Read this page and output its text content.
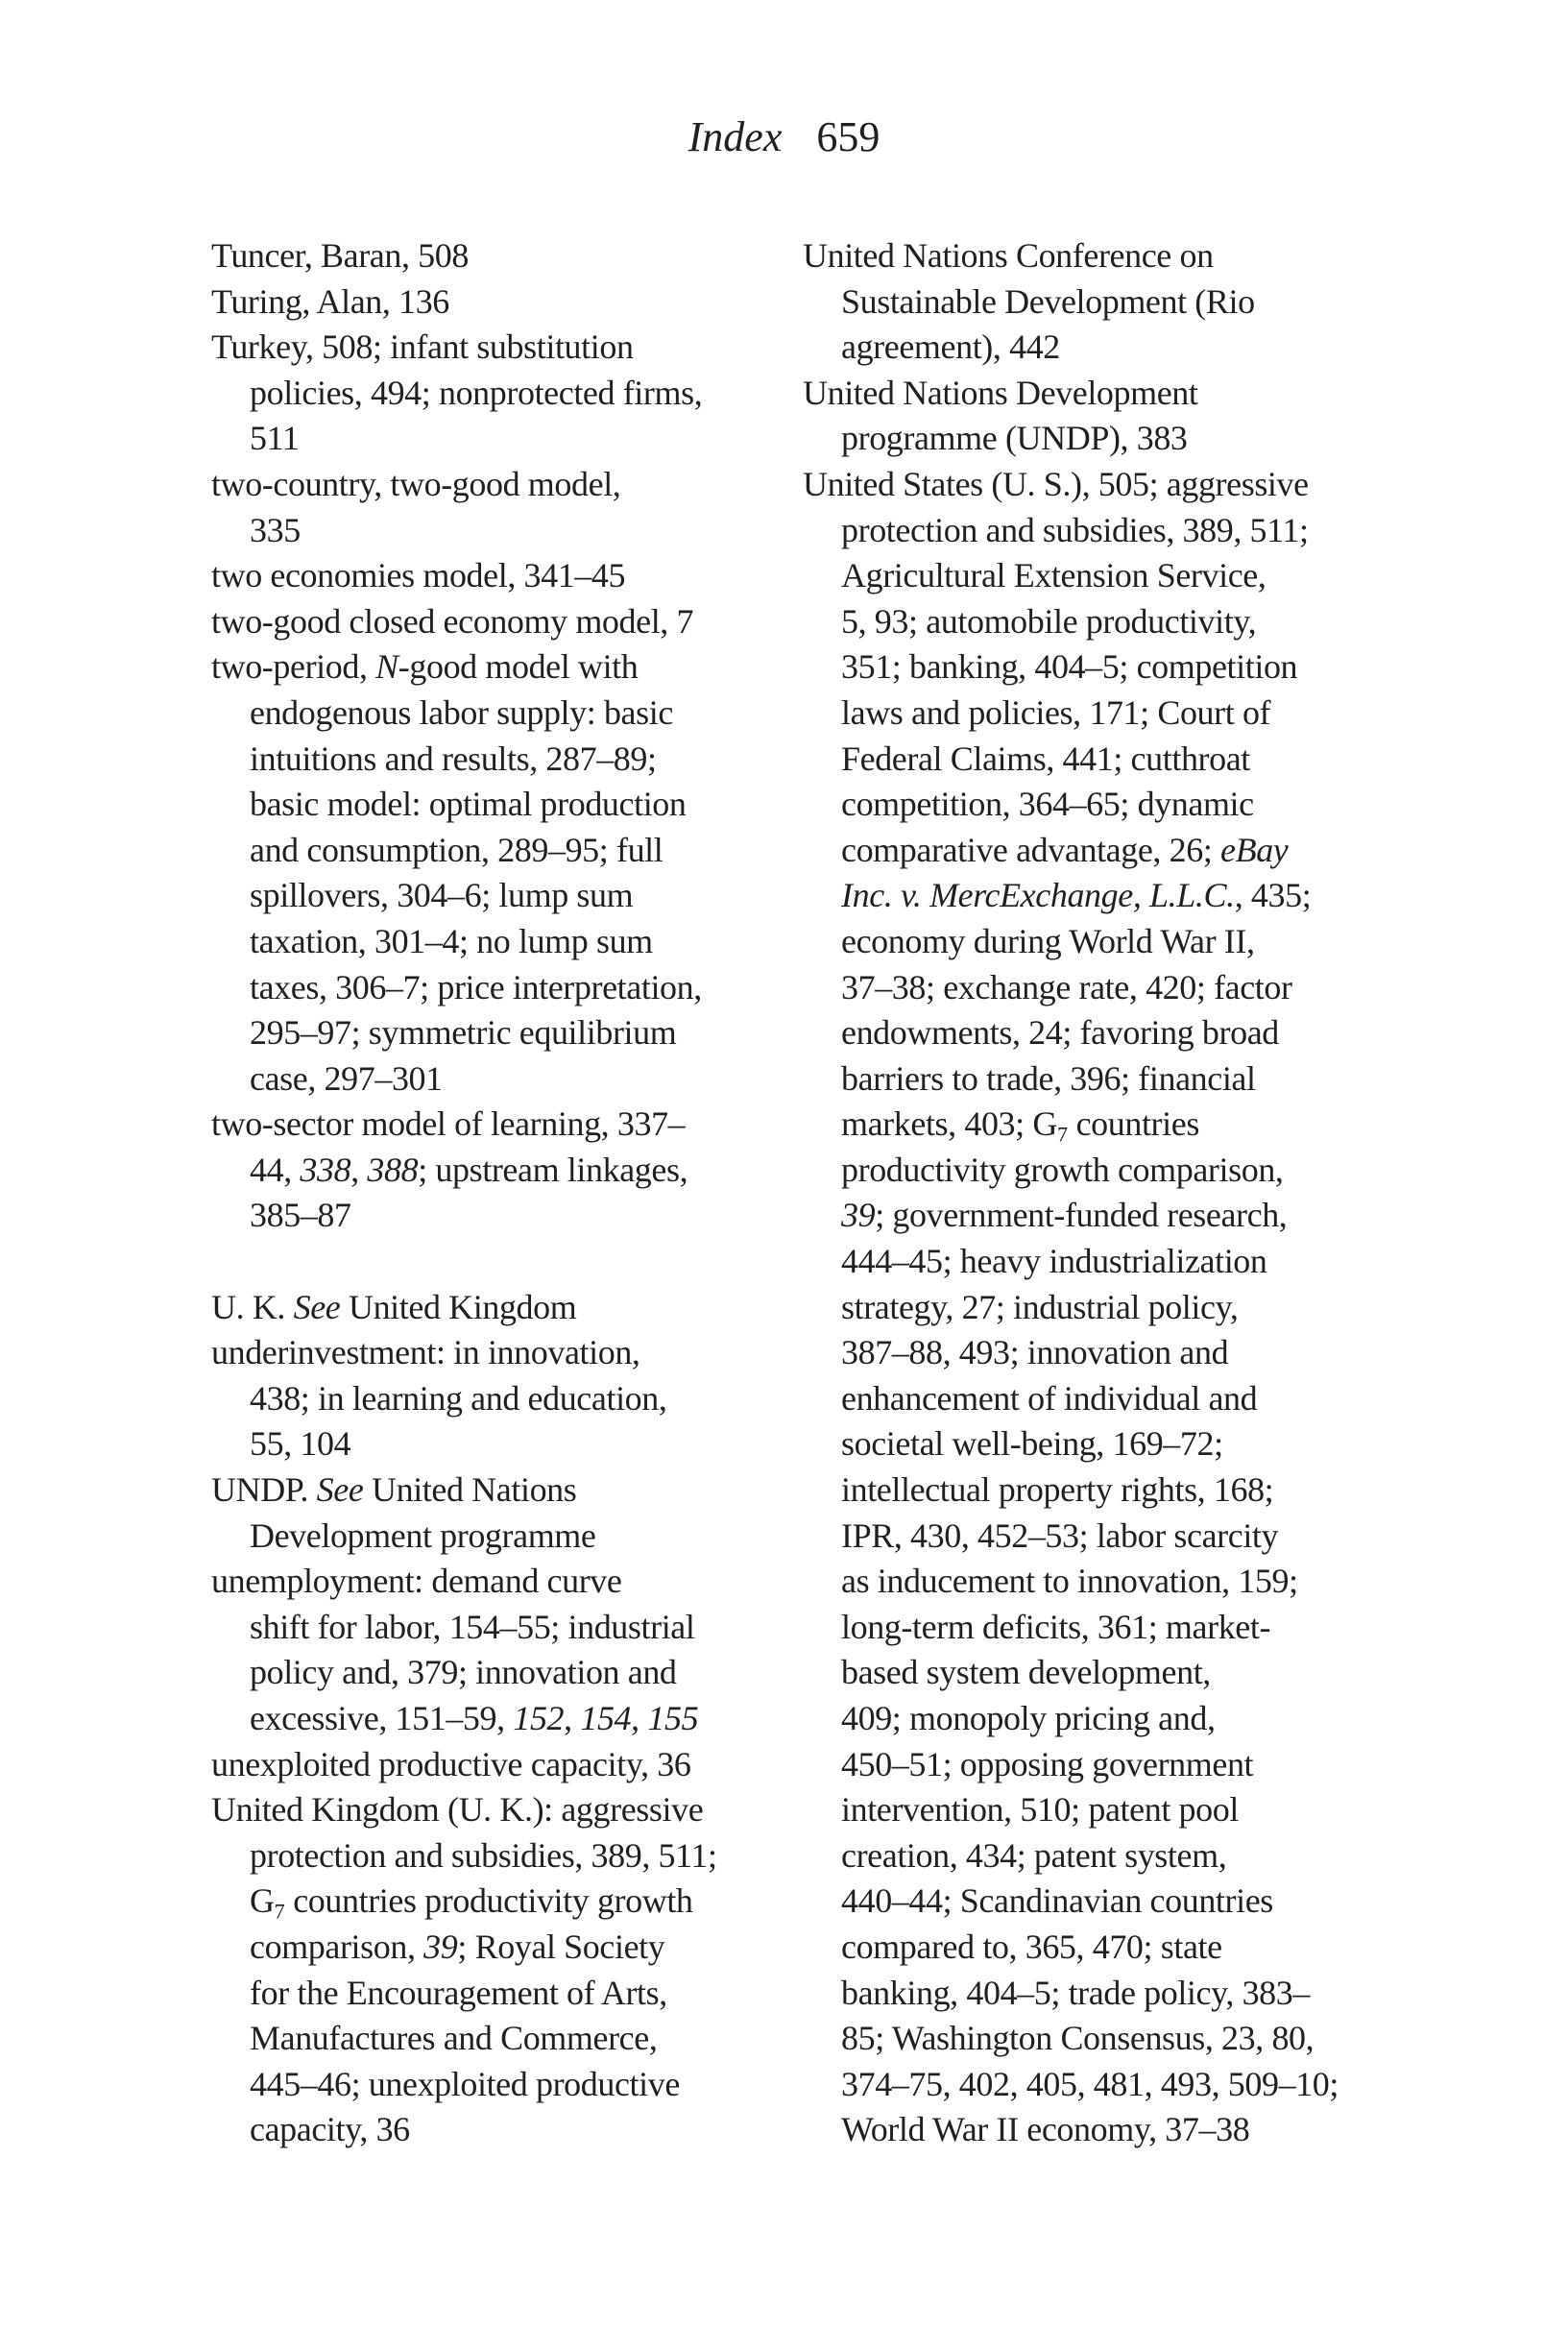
Index 659
Tuncer, Baran, 508
Turing, Alan, 136
Turkey, 508; infant substitution
policies, 494; nonprotected firms,
511
two-country, two-good model,
335
two economies model, 341–45
two-good closed economy model, 7
two-period, N-good model with
endogenous labor supply: basic
intuitions and results, 287–89;
basic model: optimal production
and consumption, 289–95; full
spillovers, 304–6; lump sum
taxation, 301–4; no lump sum
taxes, 306–7; price interpretation,
295–97; symmetric equilibrium
case, 297–301
two-sector model of learning, 337–
44, 338, 388; upstream linkages,
385–87
U. K. See United Kingdom
underinvestment: in innovation,
438; in learning and education,
55, 104
UNDP. See United Nations
Development programme
unemployment: demand curve
shift for labor, 154–55; industrial
policy and, 379; innovation and
excessive, 151–59, 152, 154, 155
unexploited productive capacity, 36
United Kingdom (U. K.): aggressive
protection and subsidies, 389, 511;
$G_7$ countries productivity growth
comparison, 39; Royal Society
for the Encouragement of Arts,
Manufactures and Commerce,
445–46; unexploited productive
capacity, 36
United Nations Conference on
Sustainable Development (Rio
agreement), 442
United Nations Development
programme (UNDP), 383
United States (U. S.), 505; aggressive
protection and subsidies, 389, 511;
Agricultural Extension Service,
5, 93; automobile productivity,
351; banking, 404–5; competition
laws and policies, 171; Court of
Federal Claims, 441; cutthroat
competition, 364–65; dynamic
comparative advantage, 26; eBay
Inc. v. MercExchange, L.L.C., 435;
economy during World War II,
37–38; exchange rate, 420; factor
endowments, 24; favoring broad
barriers to trade, 396; financial
markets, 403; $G_7$ countries
productivity growth comparison,
39; government-funded research,
444–45; heavy industrialization
strategy, 27; industrial policy,
387–88, 493; innovation and
enhancement of individual and
societal well-being, 169–72;
intellectual property rights, 168;
IPR, 430, 452–53; labor scarcity
as inducement to innovation, 159;
long-term deficits, 361; market-
based system development,
409; monopoly pricing and,
450–51; opposing government
intervention, 510; patent pool
creation, 434; patent system,
440–44; Scandinavian countries
compared to, 365, 470; state
banking, 404–5; trade policy, 383–
85; Washington Consensus, 23, 80,
374–75, 402, 405, 481, 493, 509–10;
World War II economy, 37–38
